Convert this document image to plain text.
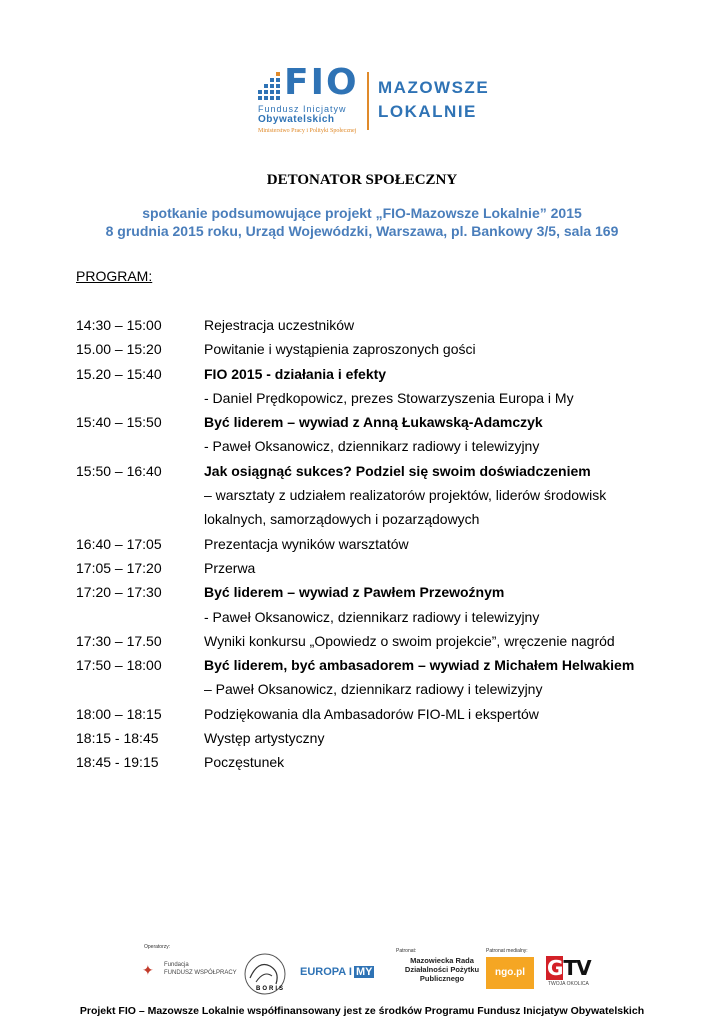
FIO
Fundusz Inicjatyw
Obywatelskich
Ministerstwo Pracy i Polityki Społecznej
MAZOWSZE
LOKALNIE
DETONATOR SPOŁECZNY
spotkanie podsumowujące projekt „FIO-Mazowsze Lokalnie” 2015
8 grudnia 2015 roku, Urząd Wojewódzki, Warszawa, pl. Bankowy 3/5, sala 169
PROGRAM:
14:30 – 15:00	Rejestracja uczestników
15.00 – 15:20	Powitanie i wystąpienia zaproszonych gości
15.20 – 15:40	FIO 2015 - działania i efekty
- Daniel Prędkopowicz, prezes Stowarzyszenia Europa i My
15:40 – 15:50	Być liderem – wywiad z Anną Łukawską-Adamczyk
- Paweł Oksanowicz, dziennikarz radiowy i telewizyjny
15:50 – 16:40	Jak osiągnąć sukces? Podziel się swoim doświadczeniem
– warsztaty z udziałem realizatorów projektów, liderów środowisk
lokalnych, samorządowych i pozarządowych
16:40 – 17:05	Prezentacja wyników warsztatów
17:05 – 17:20	Przerwa
17:20 – 17:30	Być liderem – wywiad z Pawłem Przewoźnym
- Paweł Oksanowicz, dziennikarz radiowy i telewizyjny
17:30 – 17.50	Wyniki konkursu „Opowiedz o swoim projekcie”, wręczenie nagród
17:50 – 18:00	Być liderem, być ambasadorem – wywiad z Michałem Helwakiem
– Paweł Oksanowicz, dziennikarz radiowy i telewizyjny
18:00 – 18:15	Podziękowania dla Ambasadorów FIO-ML i ekspertów
18:15 - 18:45	Występ artystyczny
18:45 - 19:15	Poczęstunek
Operatorzy:
✦ Fundacja
FUNDUSZ WSPÓŁPRACY
BORIS
EUROPA I MY
Patronat:
Mazowiecka Rada Działalności Pożytku Publicznego
Patronat medialny:
ngo.pl	GTV
TWOJA OKOLICA
Projekt FIO – Mazowsze Lokalnie współfinansowany jest ze środków Programu Fundusz Inicjatyw Obywatelskich
